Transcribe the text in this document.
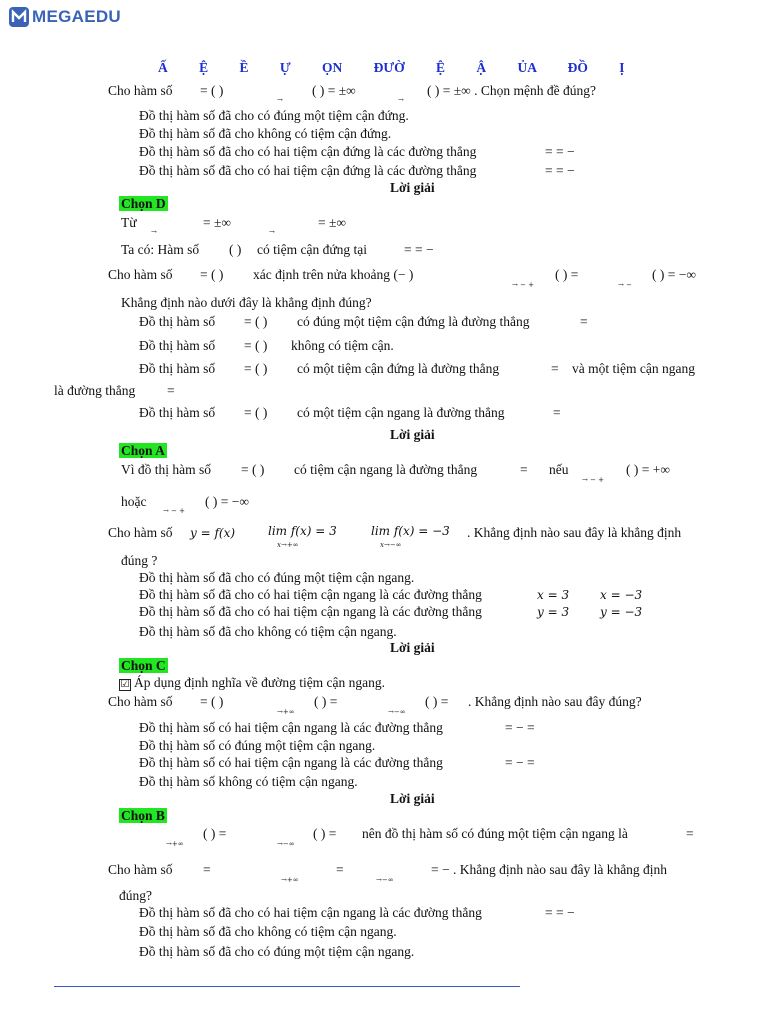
MEGAEDU
Ấ Ệ Ề Ự ỌN ĐƯỜ Ệ Ậ ỦA ĐỒ Ị
Cho hàm số = ( )
→
( ) = ±∞
→
( ) = ±∞ . Chọn mệnh đề đúng?
Đồ thị hàm số đã cho có đúng một tiệm cận đứng.
Đồ thị hàm số đã cho không có tiệm cận đứng.
Đồ thị hàm số đã cho có hai tiệm cận đứng là các đường thẳng	= = −
Đồ thị hàm số đã cho có hai tiệm cận đứng là các đường thẳng	= = −
Lời giải
Chọn D
Từ
→
= ±∞
→
= ±∞
Ta có: Hàm số ( ) có tiệm cận đứng tại	= = −
Cho hàm số = ( ) xác định trên nửa khoảng (− )
→ − +
( ) =
→ −
( ) = −∞
Khẳng định nào dưới đây là khẳng định đúng?
Đồ thị hàm số = ( ) có đúng một tiệm cận đứng là đường thẳng	=
Đồ thị hàm số = ( ) không có tiệm cận.
Đồ thị hàm số = ( ) có một tiệm cận đứng là đường thẳng	= và một tiệm cận ngang
là đường thẳng =
Đồ thị hàm số = ( ) có một tiệm cận ngang là đường thẳng	=
Lời giải
Chọn A
Vì đồ thị hàm số = ( ) có tiệm cận ngang là đường thẳng	= nếu
→ − +
( ) = +∞
hoặc
→ − +
( ) = −∞
Cho hàm số y = f(x)	lim f(x) = 3
x→+∞
lim f(x) = −3
x→−∞
. Khẳng định nào sau đây là khẳng định
đúng ?
Đồ thị hàm số đã cho có đúng một tiệm cận ngang.
Đồ thị hàm số đã cho có hai tiệm cận ngang là các đường thẳng	x = 3	x = −3
Đồ thị hàm số đã cho có hai tiệm cận ngang là các đường thẳng	y = 3	y = −3
Đồ thị hàm số đã cho không có tiệm cận ngang.
Lời giải
Chọn C
☑ Áp dụng định nghĩa về đường tiệm cận ngang.
Cho hàm số = ( )
→+∞
( ) =
→−∞
( ) = . Khẳng định nào sau đây đúng?
Đồ thị hàm số có hai tiệm cận ngang là các đường thẳng	= − =
Đồ thị hàm số có đúng một tiệm cận ngang.
Đồ thị hàm số có hai tiệm cận ngang là các đường thẳng	= − =
Đồ thị hàm số không có tiệm cận ngang.
Lời giải
Chọn B
→+∞
( ) =
→−∞
( ) = nên đồ thị hàm số có đúng một tiệm cận ngang là	=
Cho hàm số =
→+∞
=
→−∞
= − . Khẳng định nào sau đây là khẳng định
đúng?
Đồ thị hàm số đã cho có hai tiệm cận ngang là các đường thẳng	= = −
Đồ thị hàm số đã cho không có tiệm cận ngang.
Đồ thị hàm số đã cho có đúng một tiệm cận ngang.
